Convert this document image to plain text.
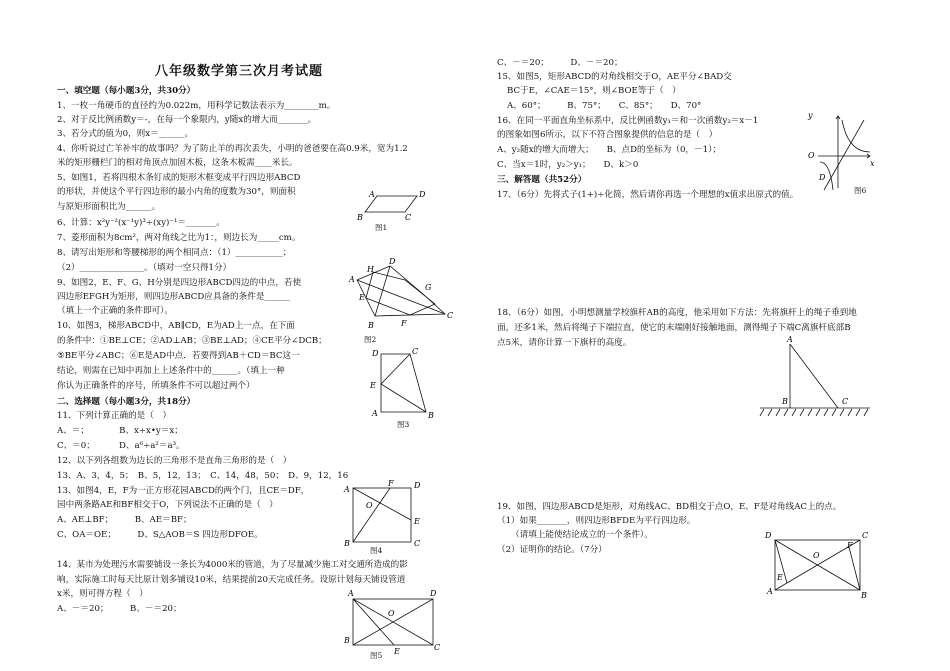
八年级数学第三次月考试题
一、填空题（每小题3分，共30分）
1、一枚一角硬币的直径约为0.022m，用科学记数法表示为________m。
2、对于反比例函数y＝-，在每一个象限内，y随x的增大而_______。
3、若分式的值为0，则x＝______。
4、你听说过亡羊补牢的故事吗？为了防止羊的再次丢失，小明的爸爸要在高0.9米，宽为1.2
米的矩形栅栏门的相对角顶点加固木板，这条木板需____米长。
5、如图1，若将四根木条钉成的矩形木框变成平行四边形ABCD
的形状，并使这个平行四边形的最小内角的度数为30°，则面积
与原矩形面积比为______。
6、计算：x²y⁻²(x⁻¹y)³÷(xy)⁻¹＝_______。
7、菱形面积为8cm²，两对角线之比为1：，则边长为_____cm。
8、请写出矩形和等腰梯形的两个相同点：（1）___________；
（2）_______________。（填对一空只得1分）
9、如图2，E、F、G、H分别是四边形ABCD四边的中点，若使
四边形EFGH为矩形，则四边形ABCD应具备的条件是______
（填上一个正确的条件即可）。
10、如图3，梯形ABCD中，AB∥CD，E为AD上一点，在下面
的条件中：①BE⊥CE；②AD⊥AB；③BE⊥AD；④CE平分∠DCB；
⑤BE平分∠ABC；⑥E是AD中点．若要得到AB＋CD＝BC这一
结论，则需在已知中再加上上述条件中的______。（填上一种
你认为正确条件的序号，所填条件不可以超过两个）
二、选择题（每小题3分，共18分）
11、下列计算正确的是（　）
A、＝；　　　　B、x÷x•y＝x；
C、＝0；　　　 D、a⁶÷a²＝a³。
12、以下列各组数为边长的三角形不是直角三角形的是（　）
13、A、3，4，5；　B、5，12，13；　C、14，48，50；　D、9，12，16
13、如图4，E，F为一正方形花园ABCD的两个门，且CE＝DF，
园中两条路AE和BF相交于O，下列说法不正确的是（　）
A、AE⊥BF；　　　B、AE＝BF；
C、OA＝OE；　　　D、S△AOB＝S 四边形DFOE。
14、某市为处理污水需要铺设一条长为4000米的管道，为了尽量减少施工对交通所造成的影
响，实际施工时每天比原计划多铺设10米，结果提前20天完成任务。设原计划每天铺设管道
x米，则可得方程（　）
A、－＝20；　　　B、－＝20；
A	D
B	C
图1
A
D
H
G
C
F
B
E
图2
D	C
E
A	B
图3
A
F	D
O
E
B	C
图4
A	D
O
B
E	C
图5
C、－＝20；　　　D、－＝20；
15、如图5，矩形ABCD的对角线相交于O，AE平分∠BAD交
BC于E，∠CAE＝15°，则∠BOE等于（　）
A、60°；　　　B、75°；　　C、85°；　　D、70°
16、在同一平面直角坐标系中，反比例函数y₁＝和一次函数y₂＝x－1
的图象如图6所示，以下不符合图象提供的信息的是（　）
A、y₂随x的增大而增大；　　B、点D的坐标为（0，－1）；
C、当x＝1时，y₂＞y₁；　　D、k＞0
三、解答题（共52分）
17、（6分）先将式子(1+)÷化简，然后请你再选一个理想的x值求出原式的值。
y
x
O
D
图6
18、（6分）如图，小明想测量学校旗杆AB的高度，他采用如下方法：先将旗杆上的绳子垂到地
面，还多1米，然后将绳子下端拉直，使它的末端刚好接触地面，测得绳子下端C离旗杆底部B
点5米，请你计算一下旗杆的高度。	A
B	C
19、如图，四边形ABCD是矩形，对角线AC、BD相交于点O，E、F是对角线AC上的点。
（1）如果_______，则四边形BFDE为平行四边形。
（请填上能使结论成立的一个条件）。
（2）证明你的结论。（7分）
D	C
O
F
E
A	B
